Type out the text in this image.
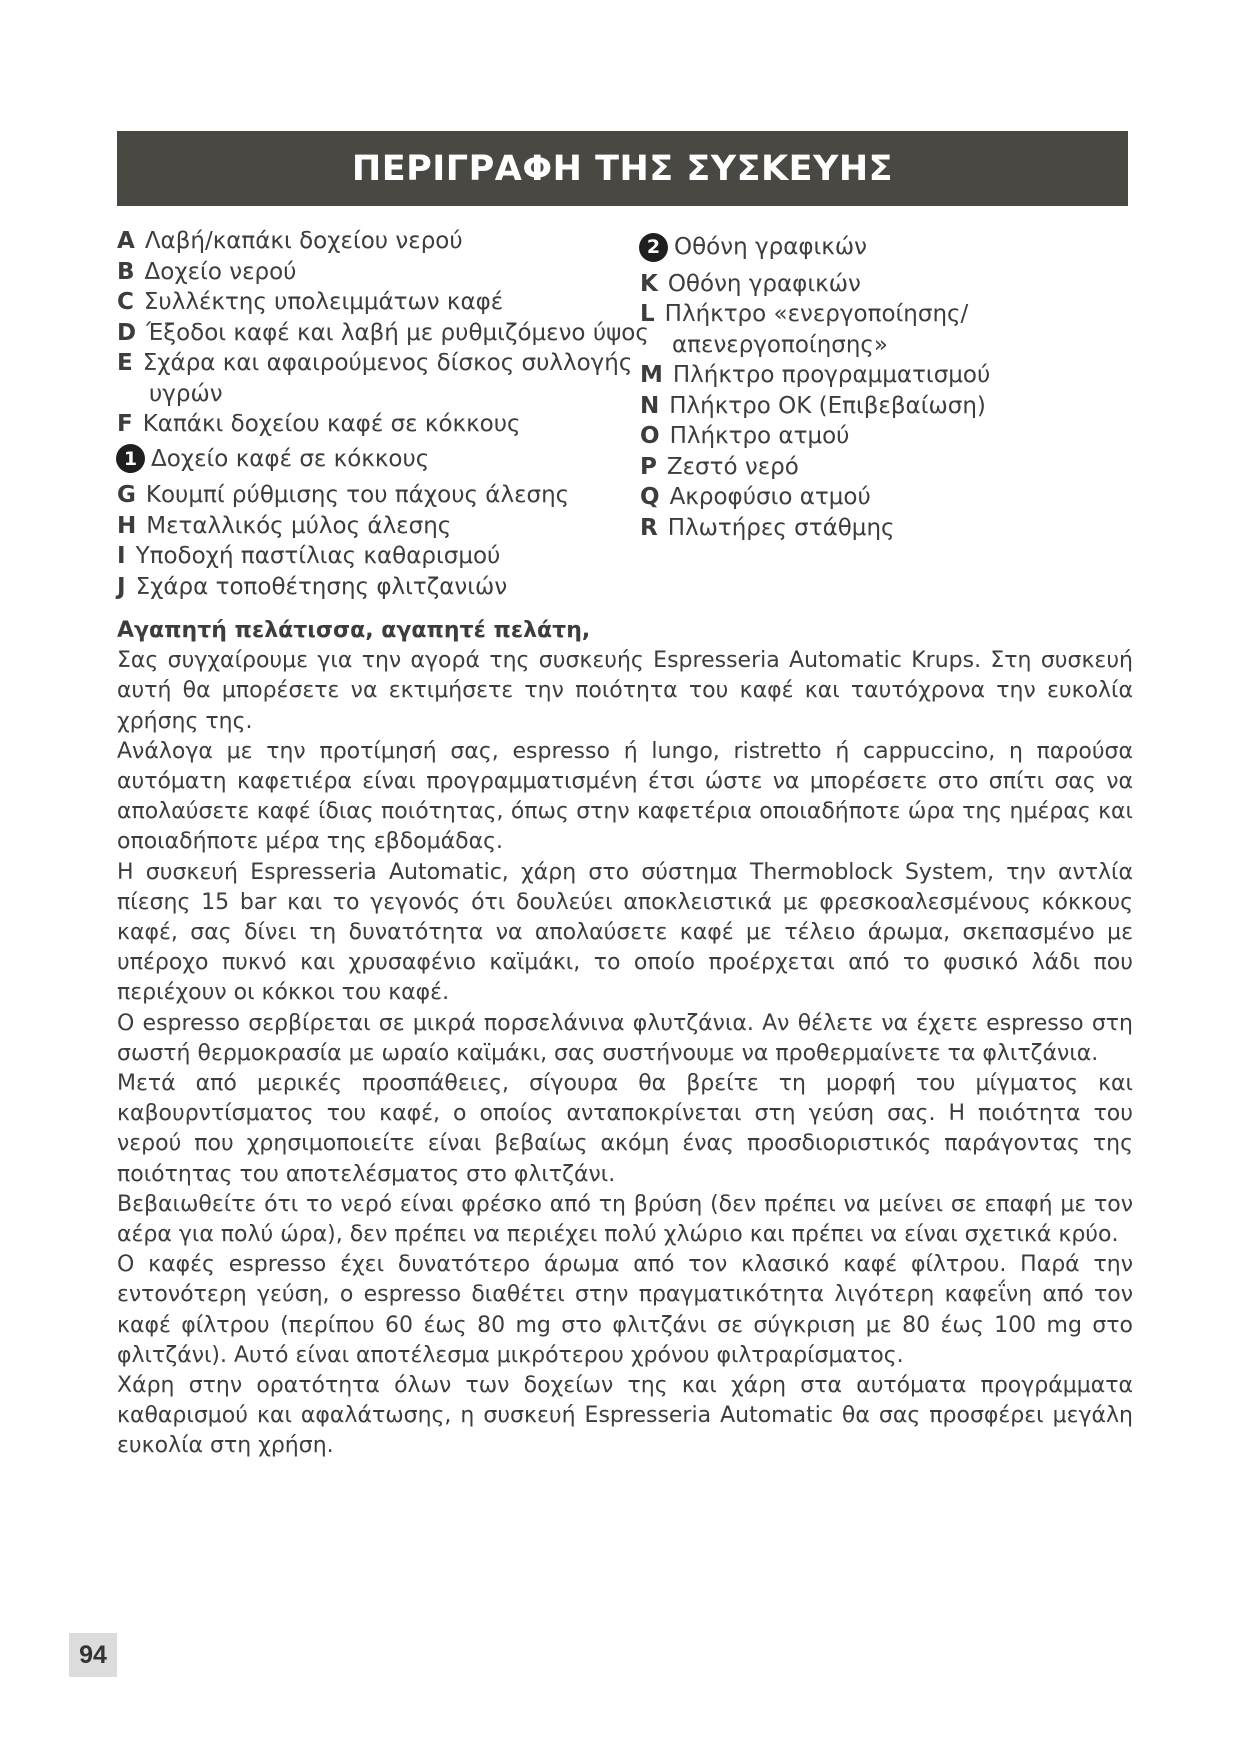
ΠΕΡΙΓΡΑΦΗ ΤΗΣ ΣΥΣΚΕΥΗΣ
A Λαβή/καπάκι δοχείου νερού
B Δοχείο νερού
C Συλλέκτης υπολειμμάτων καφέ
D Έξοδοι καφέ και λαβή με ρυθμιζόμενο ύψος
E Σχάρα και αφαιρούμενος δίσκος συλλογής
υγρών
F Καπάκι δοχείου καφέ σε κόκκους
1 Δοχείο καφέ σε κόκκους
G Κουμπί ρύθμισης του πάχους άλεσης
H Μεταλλικός μύλος άλεσης
I Υποδοχή παστίλιας καθαρισμού
J Σχάρα τοποθέτησης φλιτζανιών
2 Οθόνη γραφικών
K Οθόνη γραφικών
L Πλήκτρο «ενεργοποίησης/
απενεργοποίησης»
M Πλήκτρο προγραμματισμού
N Πλήκτρο ΟΚ (Επιβεβαίωση)
O Πλήκτρο ατμού
P Ζεστό νερό
Q Ακροφύσιο ατμού
R Πλωτήρες στάθμης
Αγαπητή πελάτισσα, αγαπητέ πελάτη,

Σας συγχαίρουμε για την αγορά της συσκευής Espresseria Automatic Krups. Στη συσκευή αυτή θα μπορέσετε να εκτιμήσετε την ποιότητα του καφέ και ταυτόχρονα την ευκολία χρήσης της.

Ανάλογα με την προτίμησή σας, espresso ή lungo, ristretto ή cappuccino, η παρούσα αυτόματη καφετιέρα είναι προγραμματισμένη έτσι ώστε να μπορέσετε στο σπίτι σας να απολαύσετε καφέ ίδιας ποιότητας, όπως στην καφετέρια οποιαδήποτε ώρα της ημέρας και οποιαδήποτε μέρα της εβδομάδας.

Η συσκευή Espresseria Automatic, χάρη στο σύστημα Thermoblock System, την αντλία πίεσης 15 bar και το γεγονός ότι δουλεύει αποκλειστικά με φρεσκοαλεσμένους κόκκους καφέ, σας δίνει τη δυνατότητα να απολαύσετε καφέ με τέλειο άρωμα, σκεπασμένο με υπέροχο πυκνό και χρυσαφένιο καϊμάκι, το οποίο προέρχεται από το φυσικό λάδι που περιέχουν οι κόκκοι του καφέ.

Ο espresso σερβίρεται σε μικρά πορσελάνινα φλυτζάνια. Αν θέλετε να έχετε espresso στη σωστή θερμοκρασία με ωραίο καϊμάκι, σας συστήνουμε να προθερμαίνετε τα φλιτζάνια.

Μετά από μερικές προσπάθειες, σίγουρα θα βρείτε τη μορφή του μίγματος και καβουρντίσματος του καφέ, ο οποίος ανταποκρίνεται στη γεύση σας. Η ποιότητα του νερού που χρησιμοποιείτε είναι βεβαίως ακόμη ένας προσδιοριστικός παράγοντας της ποιότητας του αποτελέσματος στο φλιτζάνι.

Βεβαιωθείτε ότι το νερό είναι φρέσκο από τη βρύση (δεν πρέπει να μείνει σε επαφή με τον αέρα για πολύ ώρα), δεν πρέπει να περιέχει πολύ χλώριο και πρέπει να είναι σχετικά κρύο.

Ο καφές espresso έχει δυνατότερο άρωμα από τον κλασικό καφέ φίλτρου. Παρά την εντονότερη γεύση, ο espresso διαθέτει στην πραγματικότητα λιγότερη καφεΐνη από τον καφέ φίλτρου (περίπου 60 έως 80 mg στο φλιτζάνι σε σύγκριση με 80 έως 100 mg στο φλιτζάνι). Αυτό είναι αποτέλεσμα μικρότερου χρόνου φιλτραρίσματος.

Χάρη στην ορατότητα όλων των δοχείων της και χάρη στα αυτόματα προγράμματα καθαρισμού και αφαλάτωσης, η συσκευή Espresseria Automatic θα σας προσφέρει μεγάλη ευκολία στη χρήση.

94
